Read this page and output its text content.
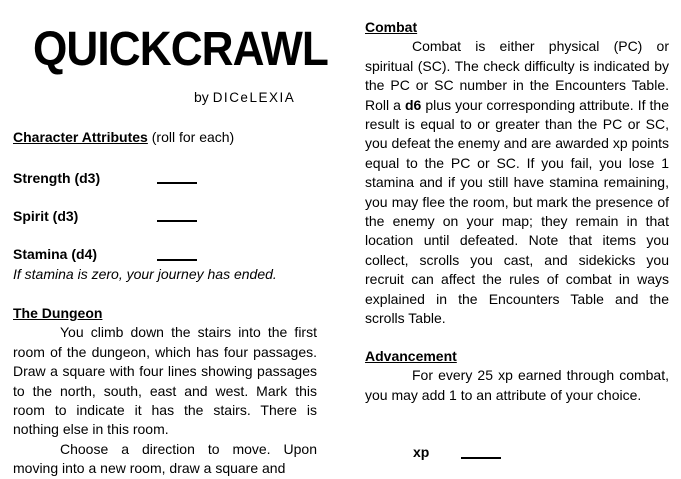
QUICKCRAWL
by DICeLEXIA
Character Attributes (roll for each)
Strength (d3)
Spirit (d3)
Stamina (d4)
If stamina is zero, your journey has ended.
The Dungeon

You climb down the stairs into the first room of the dungeon, which has four passages. Draw a square with four lines showing passages to the north, south, east and west. Mark this room to indicate it has the stairs. There is nothing else in this room.

Choose a direction to move. Upon moving into a new room, draw a square and

Combat

Combat is either physical (PC) or spiritual (SC). The check difficulty is indicated by the PC or SC number in the Encounters Table. Roll a d6 plus your corresponding attribute. If the result is equal to or greater than the PC or SC, you defeat the enemy and are awarded xp points equal to the PC or SC. If you fail, you lose 1 stamina and if you still have stamina remaining, you may flee the room, but mark the presence of the enemy on your map; they remain in that location until defeated. Note that items you collect, scrolls you cast, and sidekicks you recruit can affect the rules of combat in ways explained in the Encounters Table and the scrolls Table.

Advancement

For every 25 xp earned through combat, you may add 1 to an attribute of your choice.

xp
